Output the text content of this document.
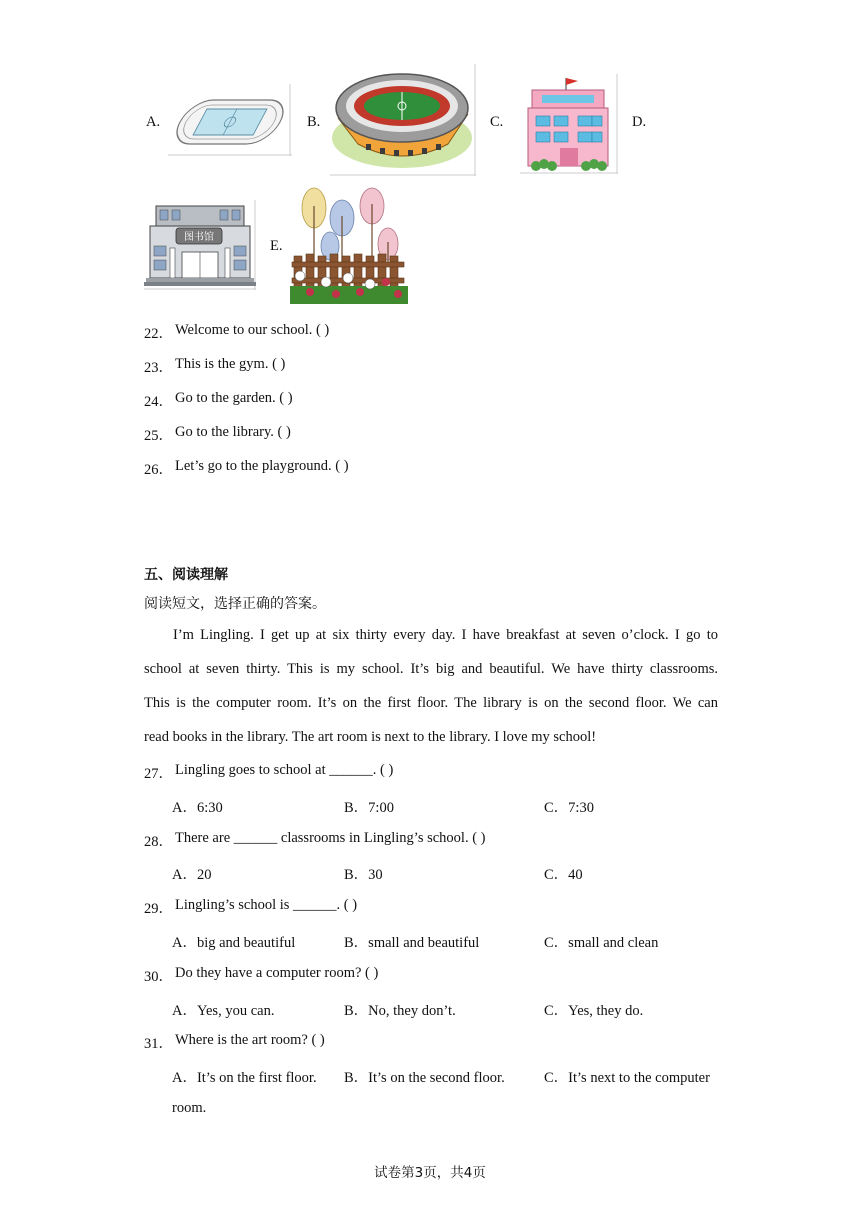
A.	B.	C.	D.
图书馆
E.
22． Welcome to our school. ( )
23． This is the gym. ( )
24． Go to the garden. ( )
25． Go to the library. ( )
26． Let’s go to the playground. ( )
五、阅读理解
阅读短文，选择正确的答案。
I’m Lingling. I get up at six thirty every day. I have breakfast at seven o’clock. I go to
school at seven thirty. This is my school. It’s big and beautiful. We have thirty classrooms.
This is the computer room. It’s on the first floor. The library is on the second floor. We can
read books in the library. The art room is next to the library. I love my school!
27． Lingling goes to school at ______. ( )
A．6:30	B．7:00	C．7:30
28． There are ______ classrooms in Lingling’s school. ( )
A．20	B．30	C．40
29． Lingling’s school is ______. ( )
A．big and beautiful	B．small and beautiful	C．small and clean
30． Do they have a computer room? ( )
A．Yes, you can.	B．No, they don’t.	C．Yes, they do.
31． Where is the art room? ( )
A．It’s on the first floor. B．It’s on the second floor.	C．It’s next to the computer
room.
试卷第3页，共4页
